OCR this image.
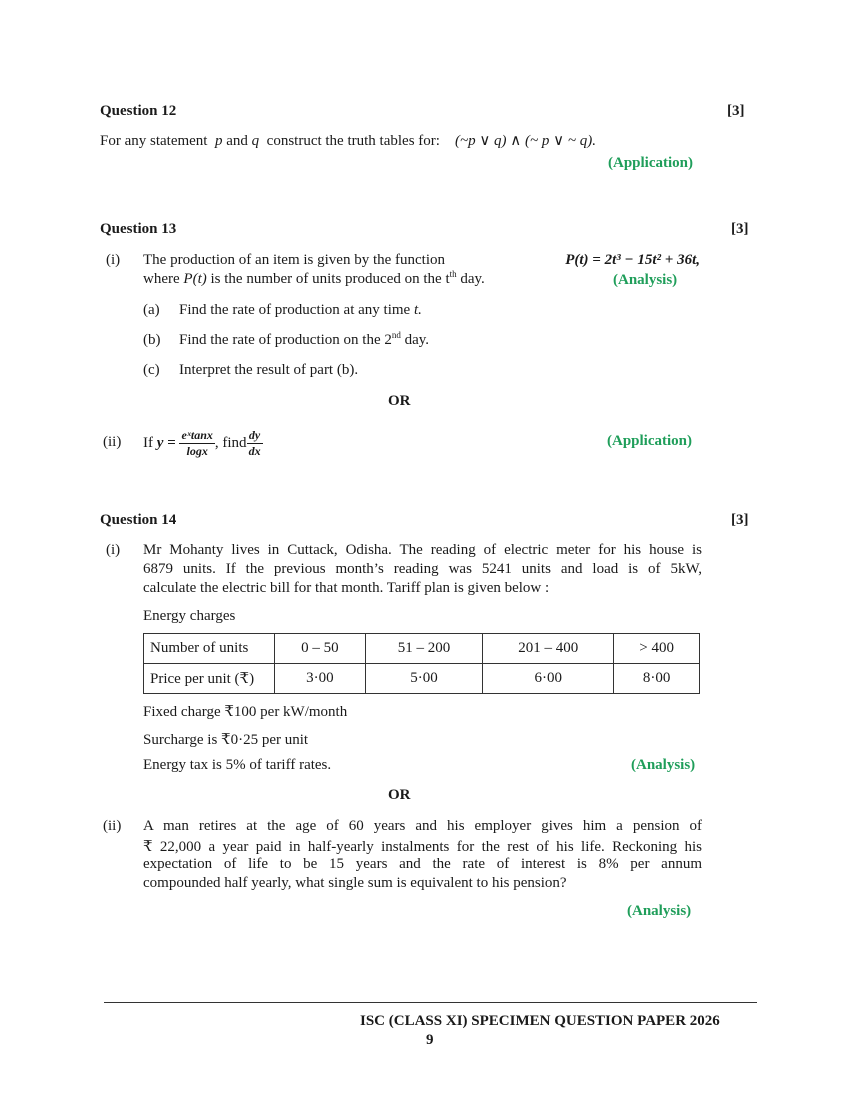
Question 12	[3]
For any statement p and q construct the truth tables for: (~p ∨ q) ∧ (~ p ∨ ~ q).
(Application)
Question 13	[3]
(i) The production of an item is given by the function	P(t) = 2t³ − 15t² + 36t,
where P(t) is the number of units produced on the $t^{th}$ day.	(Analysis)
(a) Find the rate of production at any time t.
(b) Find the rate of production on the 2nd day.
(c) Interpret the result of part (b).
OR
(ii) If
y =
$\frac{\text{eˣtanx}}{\log x}$ , find $\frac{dy}{dx}$	(Application)
Question 14	[3]
(i) Mr Mohanty lives in Cuttack, Odisha. The reading of electric meter for his house is
6879 units. If the previous month’s reading was 5241 units and load is of 5kW,
calculate the electric bill for that month. Tariff plan is given below :
Energy charges
Number of units	0 – 50	51 – 200	201 – 400	> 400
Price per unit (₹)	3·00	5·00	6·00	8·00
Fixed charge ₹100 per kW/month
Surcharge is ₹0·25 per unit
Energy tax is 5% of tariff rates.	(Analysis)
OR
(ii) A man retires at the age of 60 years and his employer gives him a pension of
₹ 22,000 a year paid in half-yearly instalments for the rest of his life. Reckoning his
expectation of life to be 15 years and the rate of interest is 8% per annum
compounded half yearly, what single sum is equivalent to his pension?
(Analysis)
ISC (CLASS XI) SPECIMEN QUESTION PAPER 2026
9
